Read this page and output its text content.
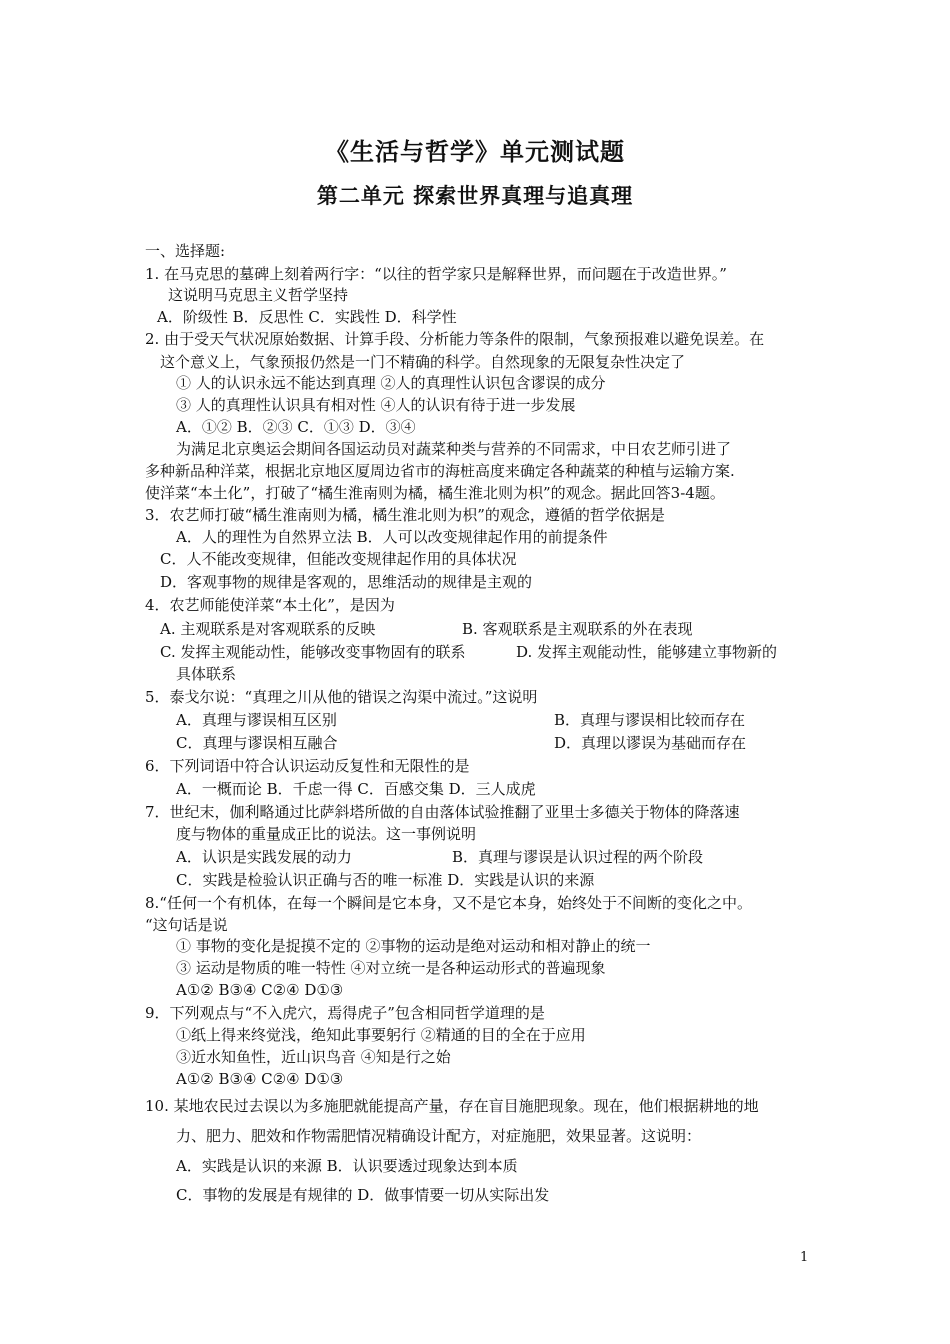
《生活与哲学》单元测试题
第二单元 探索世界真理与追真理
一、选择题:
1. 在马克思的墓碑上刻着两行字：“以往的哲学家只是解释世界，而问题在于改造世界。”
这说明马克思主义哲学坚持
A．阶级性 B．反思性 C．实践性 D．科学性
2. 由于受天气状况原始数据、计算手段、分析能力等条件的限制，气象预报难以避免误差。在
这个意义上，气象预报仍然是一门不精确的科学。自然现象的无限复杂性决定了
① 人的认识永远不能达到真理 ②人的真理性认识包含谬误的成分
③ 人的真理性认识具有相对性 ④人的认识有待于进一步发展
A．①② B．②③ C．①③ D．③④
为满足北京奥运会期间各国运动员对蔬菜种类与营养的不同需求，中日农艺师引进了
多种新品种洋菜，根据北京地区厦周边省市的海桩高度来确定各种蔬菜的种植与运输方案.
使洋菜“本土化”，打破了“橘生淮南则为橘，橘生淮北则为枳”的观念。据此回答3-4题。
3．农艺师打破“橘生淮南则为橘，橘生淮北则为枳”的观念，遵循的哲学依据是
A．人的理性为自然界立法 B．人可以改变规律起作用的前提条件
C．人不能改变规律，但能改变规律起作用的具体状况
D．客观事物的规律是客观的，思维活动的规律是主观的
4．农艺师能使洋菜“本土化”，是因为
A. 主观联系是对客观联系的反映	B. 客观联系是主观联系的外在表现
C. 发挥主观能动性，能够改变事物固有的联系	D. 发挥主观能动性，能够建立事物新的
具体联系
5．泰戈尔说：“真理之川从他的错误之沟渠中流过。”这说明
A．真理与谬误相互区别	B．真理与谬误相比较而存在
C．真理与谬误相互融合	D．真理以谬误为基础而存在
6．下列词语中符合认识运动反复性和无限性的是
A．一概而论 B．千虑一得 C．百感交集 D．三人成虎
7．世纪末，伽利略通过比萨斜塔所做的自由落体试验推翻了亚里士多德关于物体的降落速
度与物体的重量成正比的说法。这一事例说明
A．认识是实践发展的动力	B．真理与谬误是认识过程的两个阶段
C．实践是检验认识正确与否的唯一标准 D．实践是认识的来源
8.“任何一个有机体，在每一个瞬间是它本身，又不是它本身，始终处于不间断的变化之中。
“这句话是说
① 事物的变化是捉摸不定的 ②事物的运动是绝对运动和相对静止的统一
③ 运动是物质的唯一特性 ④对立统一是各种运动形式的普遍现象
A①② B③④ C②④ D①③
9．下列观点与“不入虎穴，焉得虎子”包含相同哲学道理的是
①纸上得来终觉浅，绝知此事要躬行 ②精通的目的全在于应用
③近水知鱼性，近山识鸟音 ④知是行之始
A①② B③④ C②④ D①③
10. 某地农民过去误以为多施肥就能提高产量，存在盲目施肥现象。现在，他们根据耕地的地
力、肥力、肥效和作物需肥情况精确设计配方，对症施肥，效果显著。这说明：
A．实践是认识的来源 B．认识要透过现象达到本质
C．事物的发展是有规律的 D．做事情要一切从实际出发
1
